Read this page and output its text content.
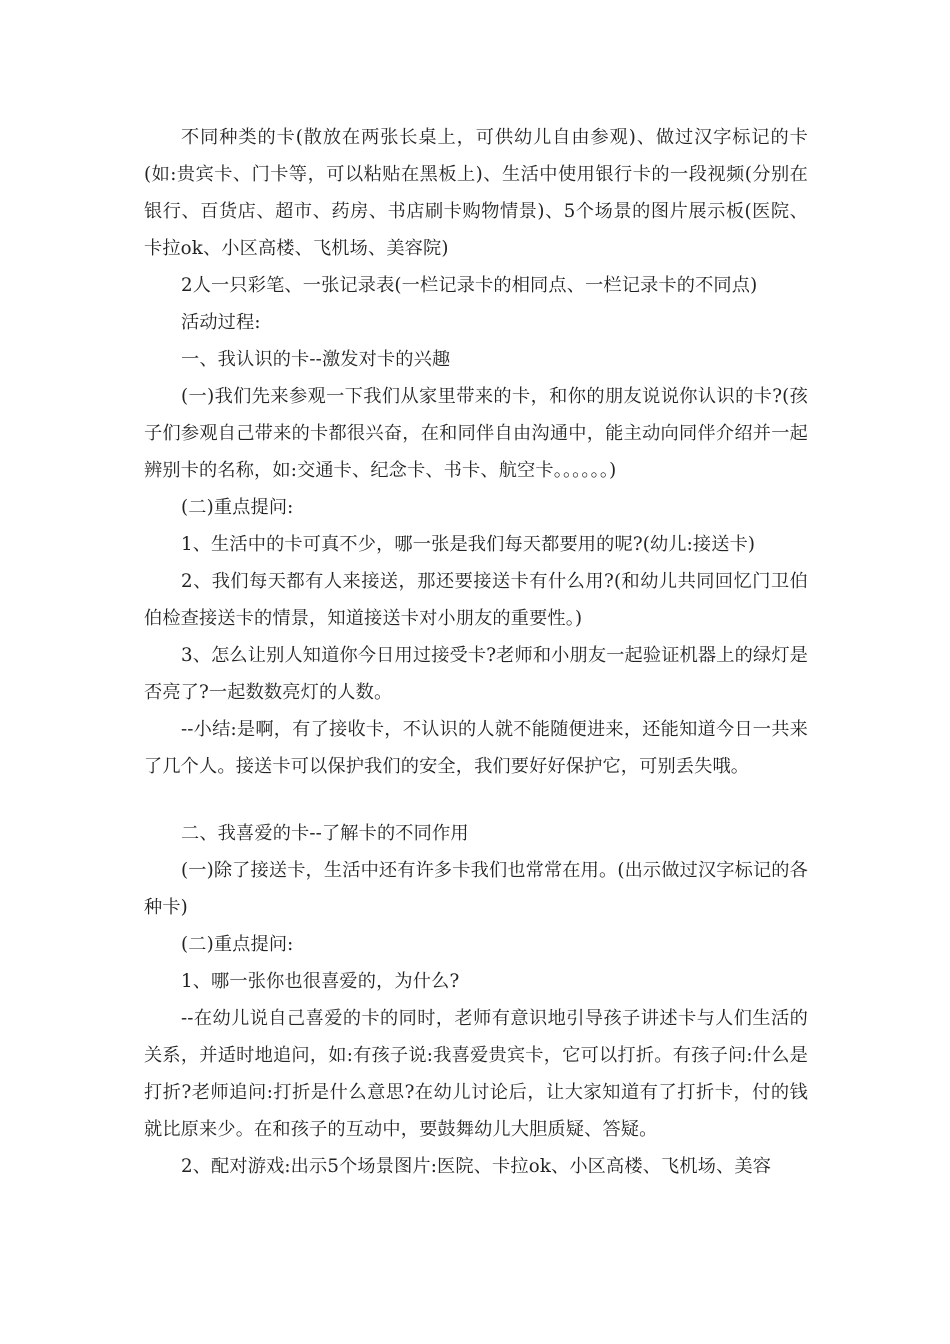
不同种类的卡(散放在两张长桌上，可供幼儿自由参观)、做过汉字标记的卡(如:贵宾卡、门卡等，可以粘贴在黑板上)、生活中使用银行卡的一段视频(分别在银行、百货店、超市、药房、书店刷卡购物情景)、5个场景的图片展示板(医院、卡拉ok、小区高楼、飞机场、美容院)

2人一只彩笔、一张记录表(一栏记录卡的相同点、一栏记录卡的不同点)

活动过程:

一、我认识的卡--激发对卡的兴趣

(一)我们先来参观一下我们从家里带来的卡，和你的朋友说说你认识的卡?(孩子们参观自己带来的卡都很兴奋，在和同伴自由沟通中，能主动向同伴介绍并一起辨别卡的名称，如:交通卡、纪念卡、书卡、航空卡。。。。。。)

(二)重点提问:

1、生活中的卡可真不少，哪一张是我们每天都要用的呢?(幼儿:接送卡)

2、我们每天都有人来接送，那还要接送卡有什么用?(和幼儿共同回忆门卫伯伯检查接送卡的情景，知道接送卡对小朋友的重要性。)

3、怎么让别人知道你今日用过接受卡?老师和小朋友一起验证机器上的绿灯是否亮了?一起数数亮灯的人数。

--小结:是啊，有了接收卡，不认识的人就不能随便进来，还能知道今日一共来了几个人。接送卡可以保护我们的安全，我们要好好保护它，可别丢失哦。

二、我喜爱的卡--了解卡的不同作用

(一)除了接送卡，生活中还有许多卡我们也常常在用。(出示做过汉字标记的各种卡)

(二)重点提问:

1、哪一张你也很喜爱的，为什么?

--在幼儿说自己喜爱的卡的同时，老师有意识地引导孩子讲述卡与人们生活的关系，并适时地追问，如:有孩子说:我喜爱贵宾卡，它可以打折。有孩子问:什么是打折?老师追问:打折是什么意思?在幼儿讨论后，让大家知道有了打折卡，付的钱就比原来少。在和孩子的互动中，要鼓舞幼儿大胆质疑、答疑。

2、配对游戏:出示5个场景图片:医院、卡拉ok、小区高楼、飞机场、美容
